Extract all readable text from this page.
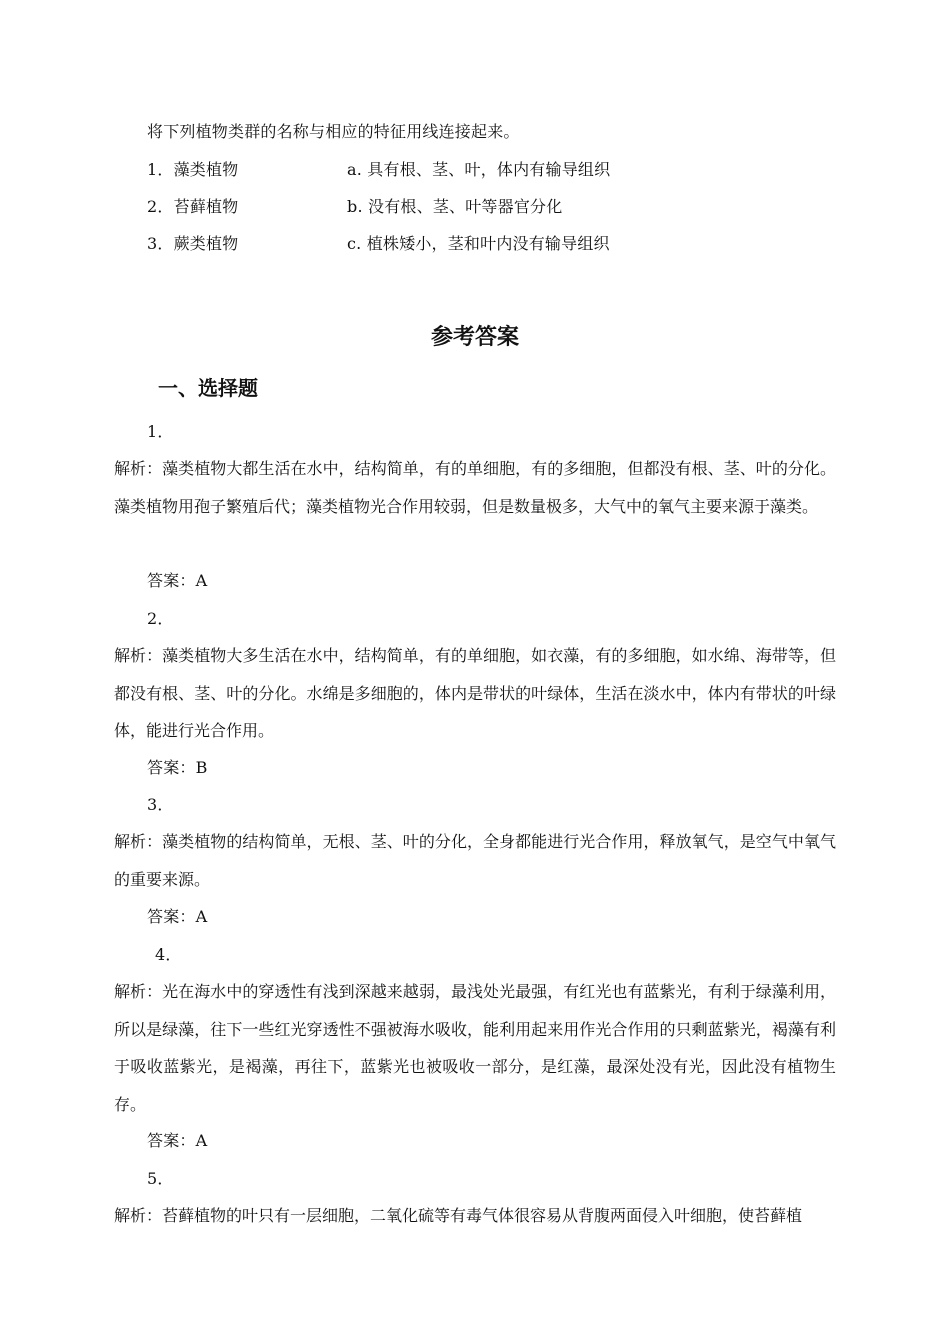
将下列植物类群的名称与相应的特征用线连接起来。
1．藻类植物	a. 具有根、茎、叶，体内有输导组织
2．苔藓植物	b. 没有根、茎、叶等器官分化
3．蕨类植物	c. 植株矮小，茎和叶内没有输导组织
参考答案
一、选择题
1．
解析：藻类植物大都生活在水中，结构简单，有的单细胞，有的多细胞，但都没有根、茎、叶的分化。藻类植物用孢子繁殖后代；藻类植物光合作用较弱，但是数量极多，大气中的氧气主要来源于藻类。
答案：A
2．
解析：藻类植物大多生活在水中，结构简单，有的单细胞，如衣藻，有的多细胞，如水绵、海带等，但都没有根、茎、叶的分化。水绵是多细胞的，体内是带状的叶绿体，生活在淡水中，体内有带状的叶绿体，能进行光合作用。
答案：B
3．
解析：藻类植物的结构简单，无根、茎、叶的分化，全身都能进行光合作用，释放氧气，是空气中氧气的重要来源。
答案：A
4．
解析：光在海水中的穿透性有浅到深越来越弱，最浅处光最强，有红光也有蓝紫光，有利于绿藻利用，所以是绿藻，往下一些红光穿透性不强被海水吸收，能利用起来用作光合作用的只剩蓝紫光，褐藻有利于吸收蓝紫光，是褐藻，再往下，蓝紫光也被吸收一部分，是红藻，最深处没有光，因此没有植物生存。
答案：A
5．
解析：苔藓植物的叶只有一层细胞，二氧化硫等有毒气体很容易从背腹两面侵入叶细胞，使苔藓植
